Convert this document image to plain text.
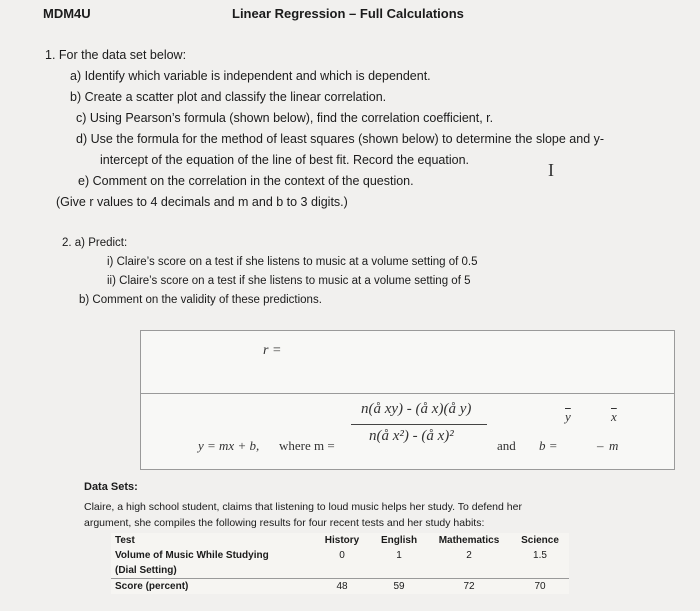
MDM4U	Linear Regression – Full Calculations
1. For the data set below:
a) Identify which variable is independent and which is dependent.
b) Create a scatter plot and classify the linear correlation.
c) Using Pearson’s formula (shown below), find the correlation coefficient, r.
d) Use the formula for the method of least squares (shown below) to determine the slope and y-
intercept of the equation of the line of best fit. Record the equation.
e) Comment on the correlation in the context of the question.
(Give r values to 4 decimals and m and b to 3 digits.)
I
2. a) Predict:
i) Claire’s score on a test if she listens to music at a volume setting of 0.5
ii) Claire’s score on a test if she listens to music at a volume setting of 5
b) Comment on the validity of these predictions.
r =
y = mx + b, where m =
n(å xy) - (å x)(å y)
n(å x²) - (å x)²
and b =
$\overline{y}$
– m
$\overline{x}$
Data Sets:
Claire, a high school student, claims that listening to loud music helps her study. To defend her
argument, she compiles the following results for four recent tests and her study habits:
Test	History	English	Mathematics	Science
Volume of Music While Studying	0	1	2	1.5
(Dial Setting)				
Score (percent)	48	59	72	70
